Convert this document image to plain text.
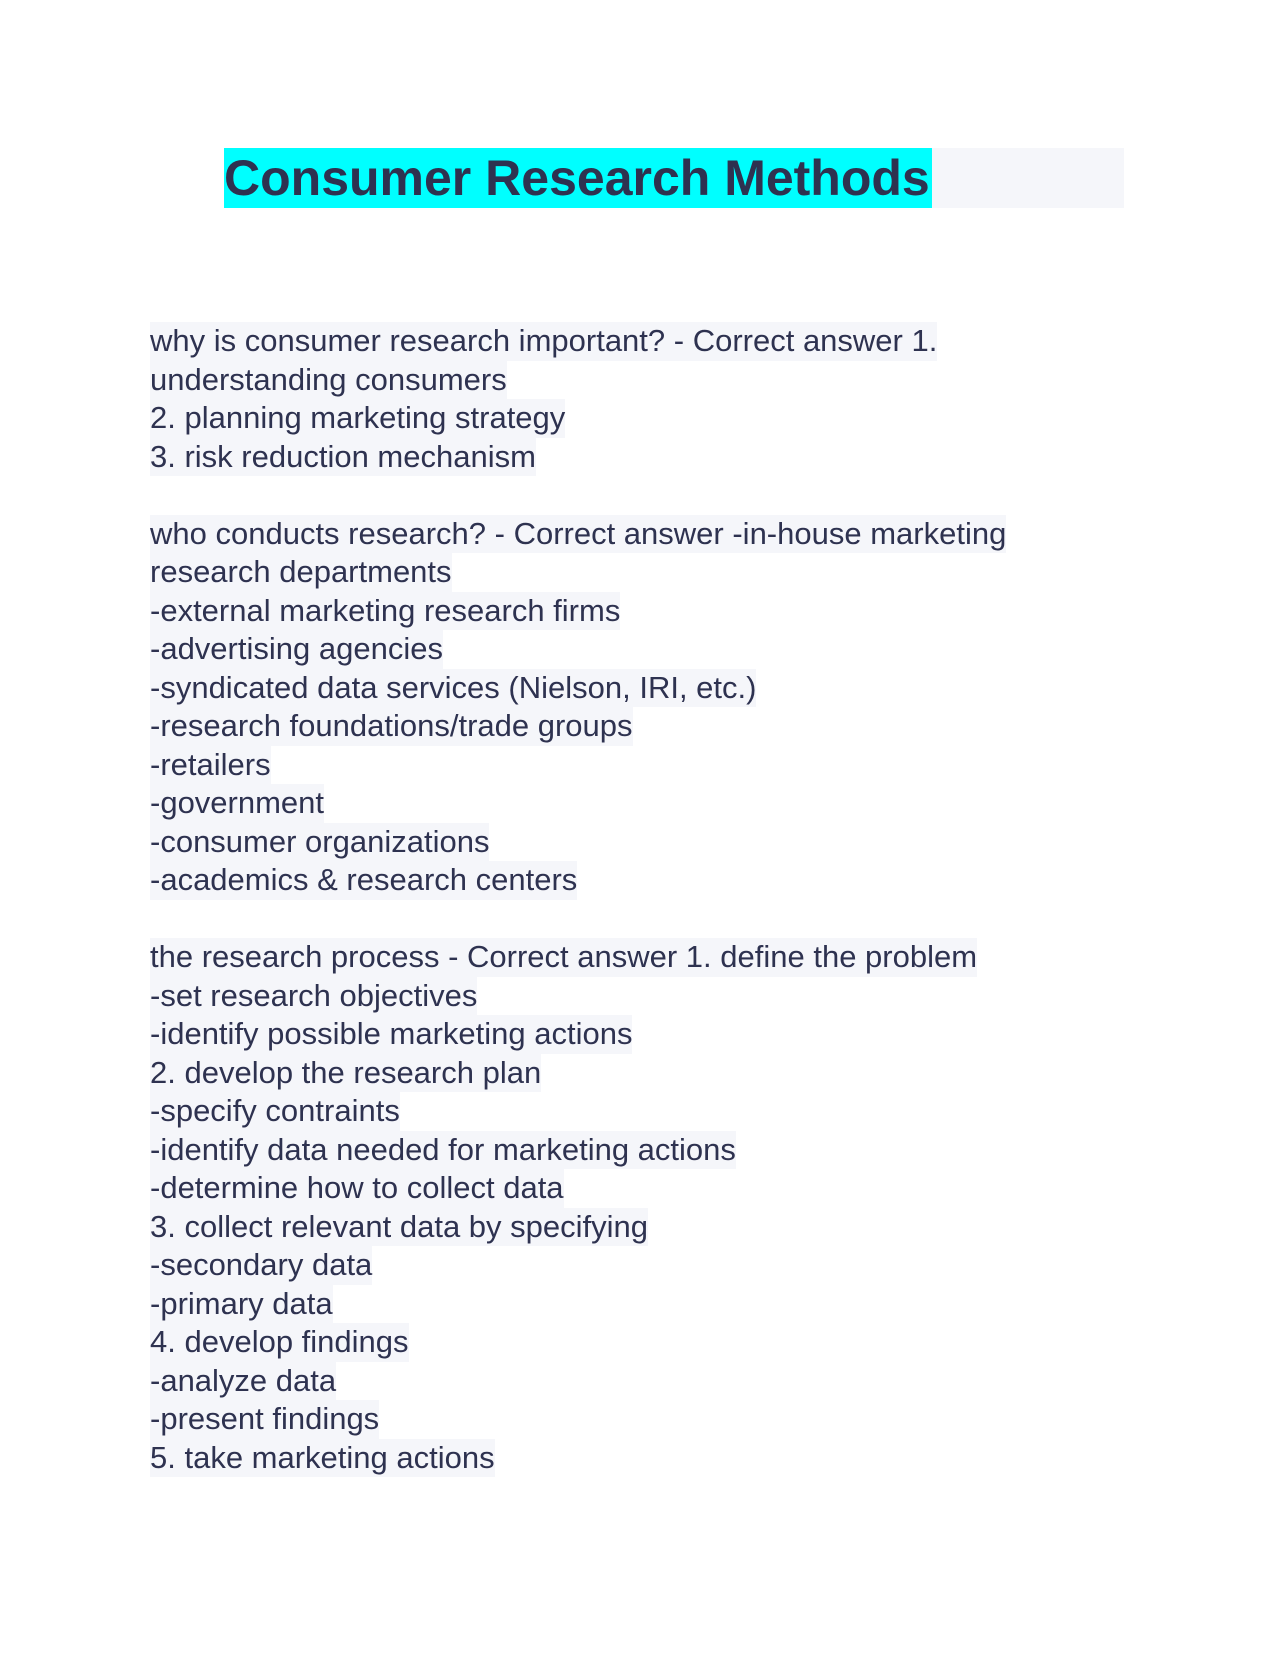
Consumer Research Methods
why is consumer research important? - Correct answer 1.
understanding consumers
2. planning marketing strategy
3. risk reduction mechanism
who conducts research? - Correct answer -in-house marketing
research departments
-external marketing research firms
-advertising agencies
-syndicated data services (Nielson, IRI, etc.)
-research foundations/trade groups
-retailers
-government
-consumer organizations
-academics & research centers
the research process - Correct answer 1. define the problem
-set research objectives
-identify possible marketing actions
2. develop the research plan
-specify contraints
-identify data needed for marketing actions
-determine how to collect data
3. collect relevant data by specifying
-secondary data
-primary data
4. develop findings
-analyze data
-present findings
5. take marketing actions
